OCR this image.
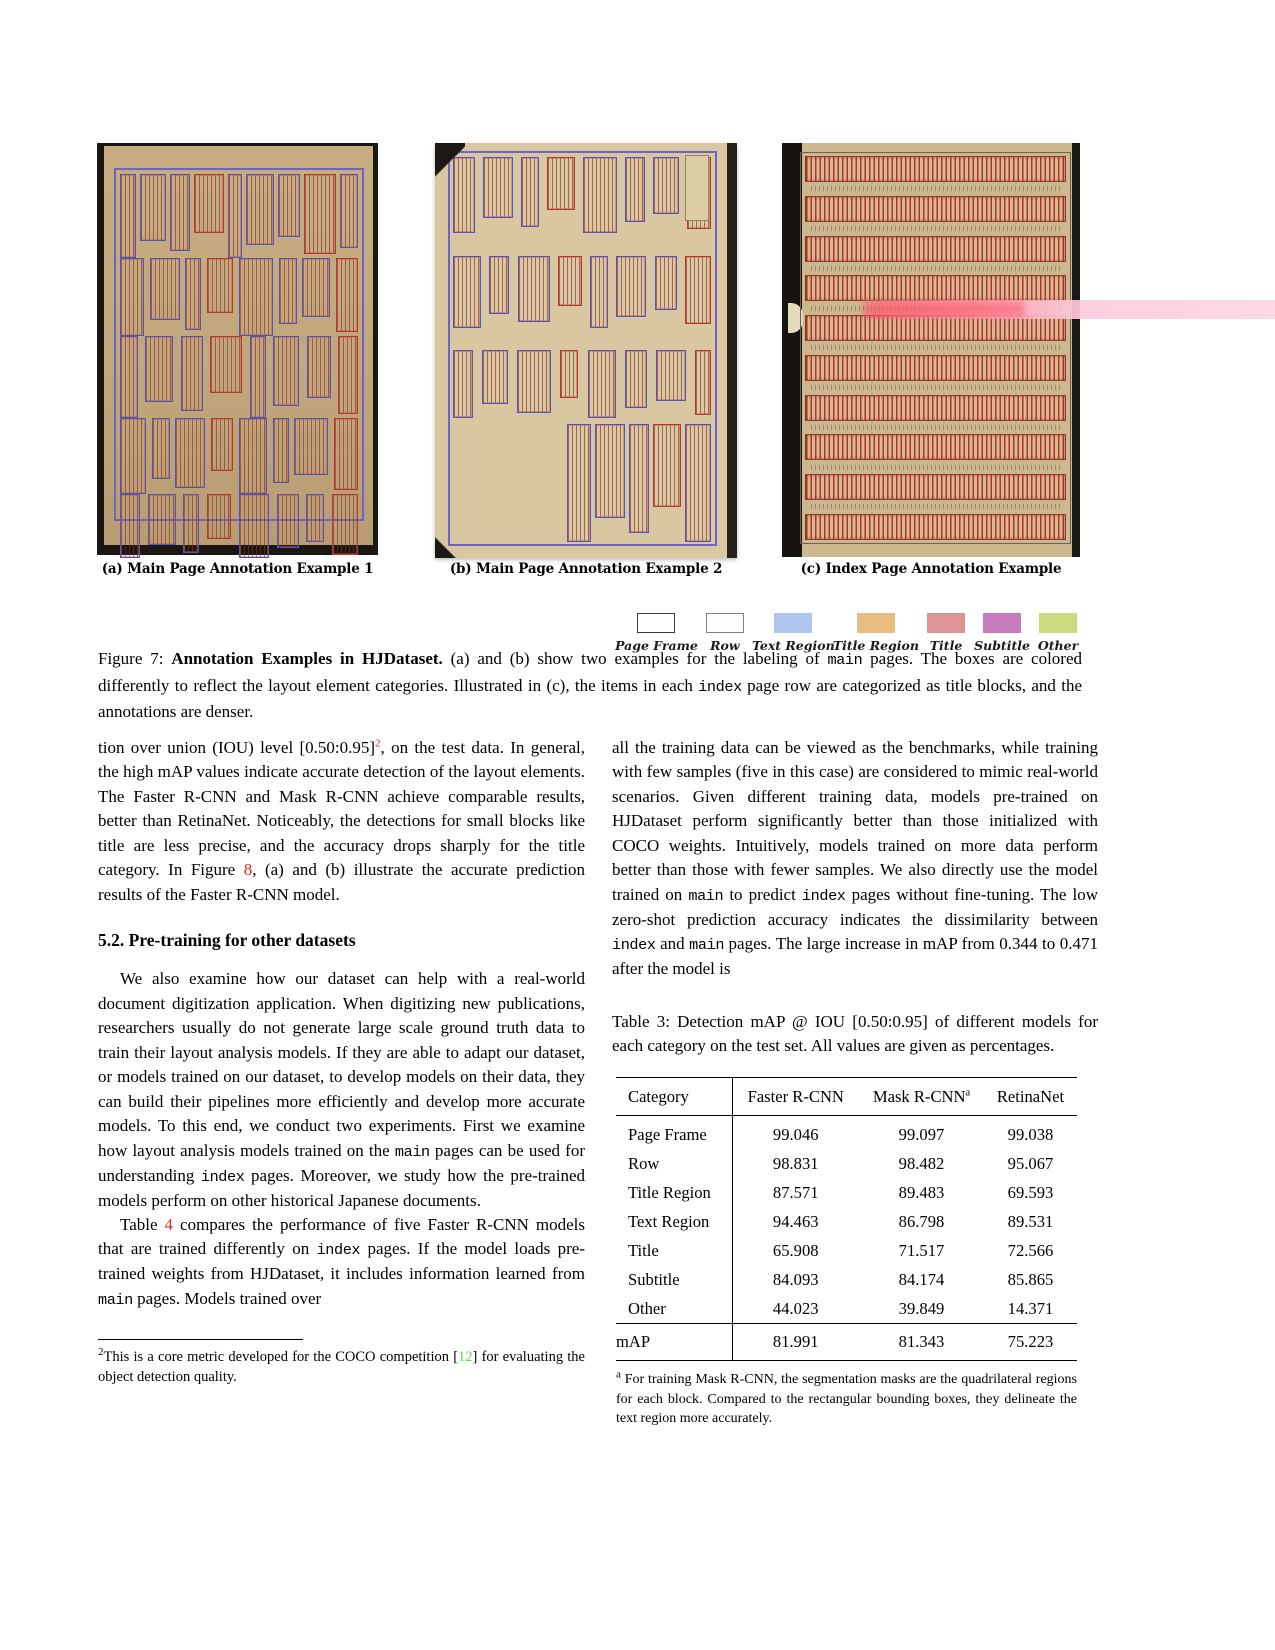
(a) Main Page Annotation Example 1	(b) Main Page Annotation Example 2	(c) Index Page Annotation Example
Page Frame Row Text Region
Title Region Title Subtitle Other
Figure 7: Annotation Examples in HJDataset. (a) and (b) show two examples for the labeling of main pages. The boxes are colored differently to reflect the layout element categories. Illustrated in (c), the items in each index page row are categorized as title blocks, and the annotations are denser.

tion over union (IOU) level [0.50:0.95]$^2$, on the test data. In general, the high mAP values indicate accurate detection of the layout elements. The Faster R-CNN and Mask R-CNN achieve comparable results, better than RetinaNet. Noticeably, the detections for small blocks like title are less precise, and the accuracy drops sharply for the title category. In Figure 8, (a) and (b) illustrate the accurate prediction results of the Faster R-CNN model.

5.2. Pre-training for other datasets

We also examine how our dataset can help with a real-world document digitization application. When digitizing new publications, researchers usually do not generate large scale ground truth data to train their layout analysis models. If they are able to adapt our dataset, or models trained on our dataset, to develop models on their data, they can build their pipelines more efficiently and develop more accurate models. To this end, we conduct two experiments. First we examine how layout analysis models trained on the main pages can be used for understanding index pages. Moreover, we study how the pre-trained models perform on other historical Japanese documents.

Table 4 compares the performance of five Faster R-CNN models that are trained differently on index pages. If the model loads pre-trained weights from HJDataset, it includes information learned from main pages. Models trained over

$^2$This is a core metric developed for the COCO competition [12] for evaluating the object detection quality.

all the training data can be viewed as the benchmarks, while training with few samples (five in this case) are considered to mimic real-world scenarios. Given different training data, models pre-trained on HJDataset perform significantly better than those initialized with COCO weights. Intuitively, models trained on more data perform better than those with fewer samples. We also directly use the model trained on main to predict index pages without fine-tuning. The low zero-shot prediction accuracy indicates the dissimilarity between index and main pages. The large increase in mAP from 0.344 to 0.471 after the model is

Table 3: Detection mAP @ IOU [0.50:0.95] of different models for each category on the test set. All values are given as percentages.
Category	Faster R-CNN	Mask R-CNN$^a$	RetinaNet
Page Frame	99.046	99.097	99.038
Row	98.831	98.482	95.067
Title Region	87.571	89.483	69.593
Text Region	94.463	86.798	89.531
Title	65.908	71.517	72.566
Subtitle	84.093	84.174	85.865
Other	44.023	39.849	14.371
mAP	81.991	81.343	75.223
$^a$ For training Mask R-CNN, the segmentation masks are the quadrilateral regions for each block. Compared to the rectangular bounding boxes, they delineate the text region more accurately.
